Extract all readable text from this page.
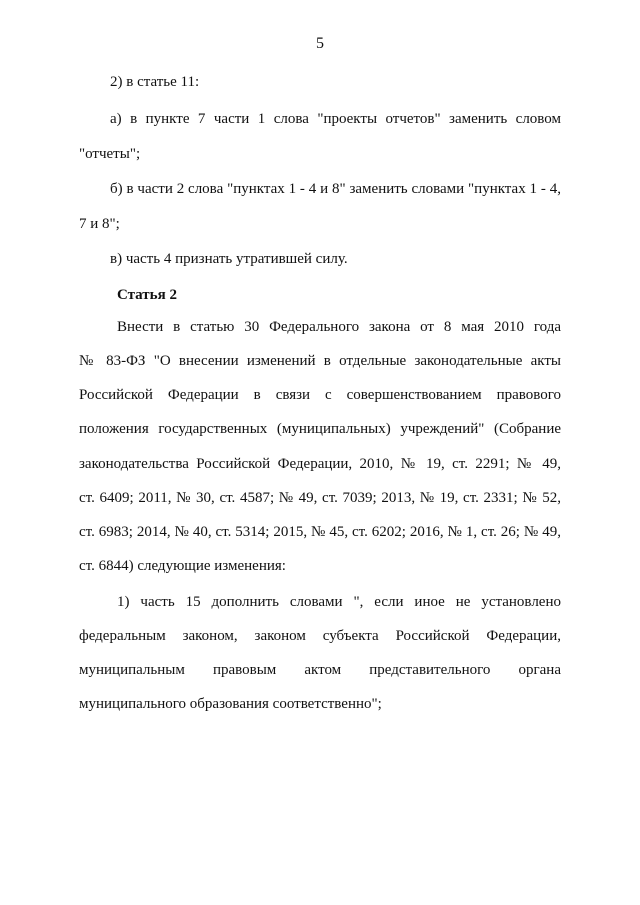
5
2) в статье 11:
а) в пункте 7 части 1 слова "проекты отчетов" заменить словом
"отчеты";
б) в части 2 слова "пунктах 1 - 4 и 8" заменить словами "пунктах 1 - 4,
7 и 8";
в) часть 4 признать утратившей силу.
Статья 2
Внести в статью 30 Федерального закона от 8 мая 2010 года
№ 83-ФЗ "О внесении изменений в отдельные законодательные акты
Российской Федерации в связи с совершенствованием правового
положения государственных (муниципальных) учреждений" (Собрание
законодательства Российской Федерации, 2010, № 19, ст. 2291; № 49,
ст. 6409; 2011, № 30, ст. 4587; № 49, ст. 7039; 2013, № 19, ст. 2331; № 52,
ст. 6983; 2014, № 40, ст. 5314; 2015, № 45, ст. 6202; 2016, № 1, ст. 26; № 49,
ст. 6844) следующие изменения:
1) часть 15 дополнить словами ", если иное не установлено
федеральным законом, законом субъекта Российской Федерации,
муниципальным правовым актом представительного органа
муниципального образования соответственно";
